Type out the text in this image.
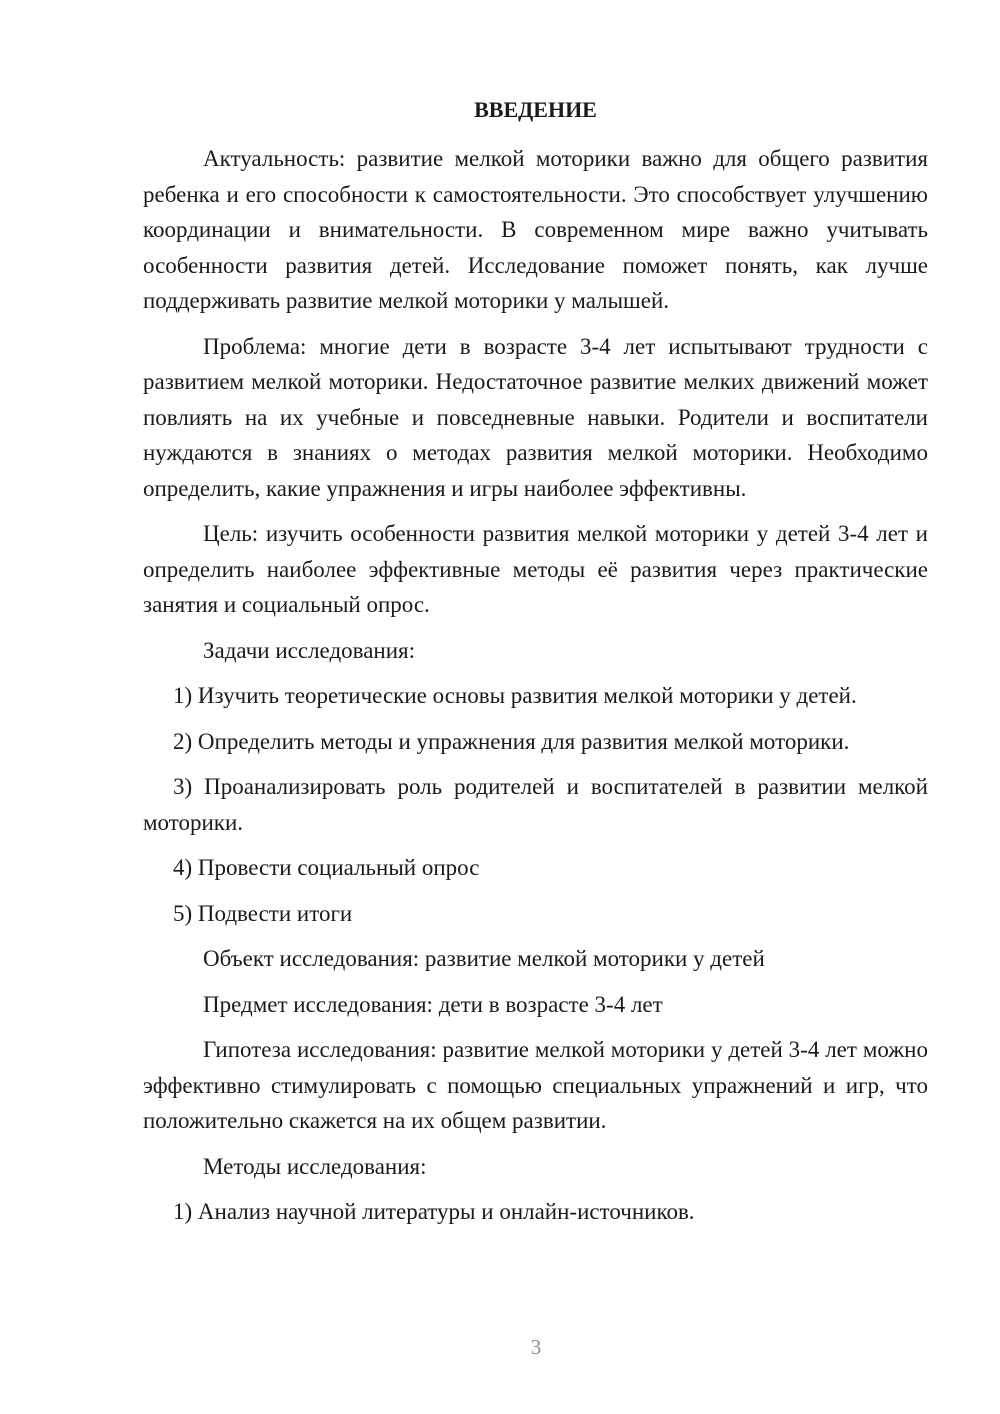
ВВЕДЕНИЕ

Актуальность: развитие мелкой моторики важно для общего развития ребенка и его способности к самостоятельности. Это способствует улучшению координации и внимательности. В современном мире важно учитывать особенности развития детей. Исследование поможет понять, как лучше поддерживать развитие мелкой моторики у малышей.

Проблема: многие дети в возрасте 3-4 лет испытывают трудности с развитием мелкой моторики. Недостаточное развитие мелких движений может повлиять на их учебные и повседневные навыки. Родители и воспитатели нуждаются в знаниях о методах развития мелкой моторики. Необходимо определить, какие упражнения и игры наиболее эффективны.

Цель: изучить особенности развития мелкой моторики у детей 3-4 лет и определить наиболее эффективные методы её развития через практические занятия и социальный опрос.

Задачи исследования:

1) Изучить теоретические основы развития мелкой моторики у детей.

2) Определить методы и упражнения для развития мелкой моторики.

3) Проанализировать роль родителей и воспитателей в развитии мелкой моторики.

4) Провести социальный опрос

5) Подвести итоги

Объект исследования: развитие мелкой моторики у детей

Предмет исследования: дети в возрасте 3-4 лет

Гипотеза исследования: развитие мелкой моторики у детей 3-4 лет можно эффективно стимулировать с помощью специальных упражнений и игр, что положительно скажется на их общем развитии.

Методы исследования:

1) Анализ научной литературы и онлайн-источников.

3
